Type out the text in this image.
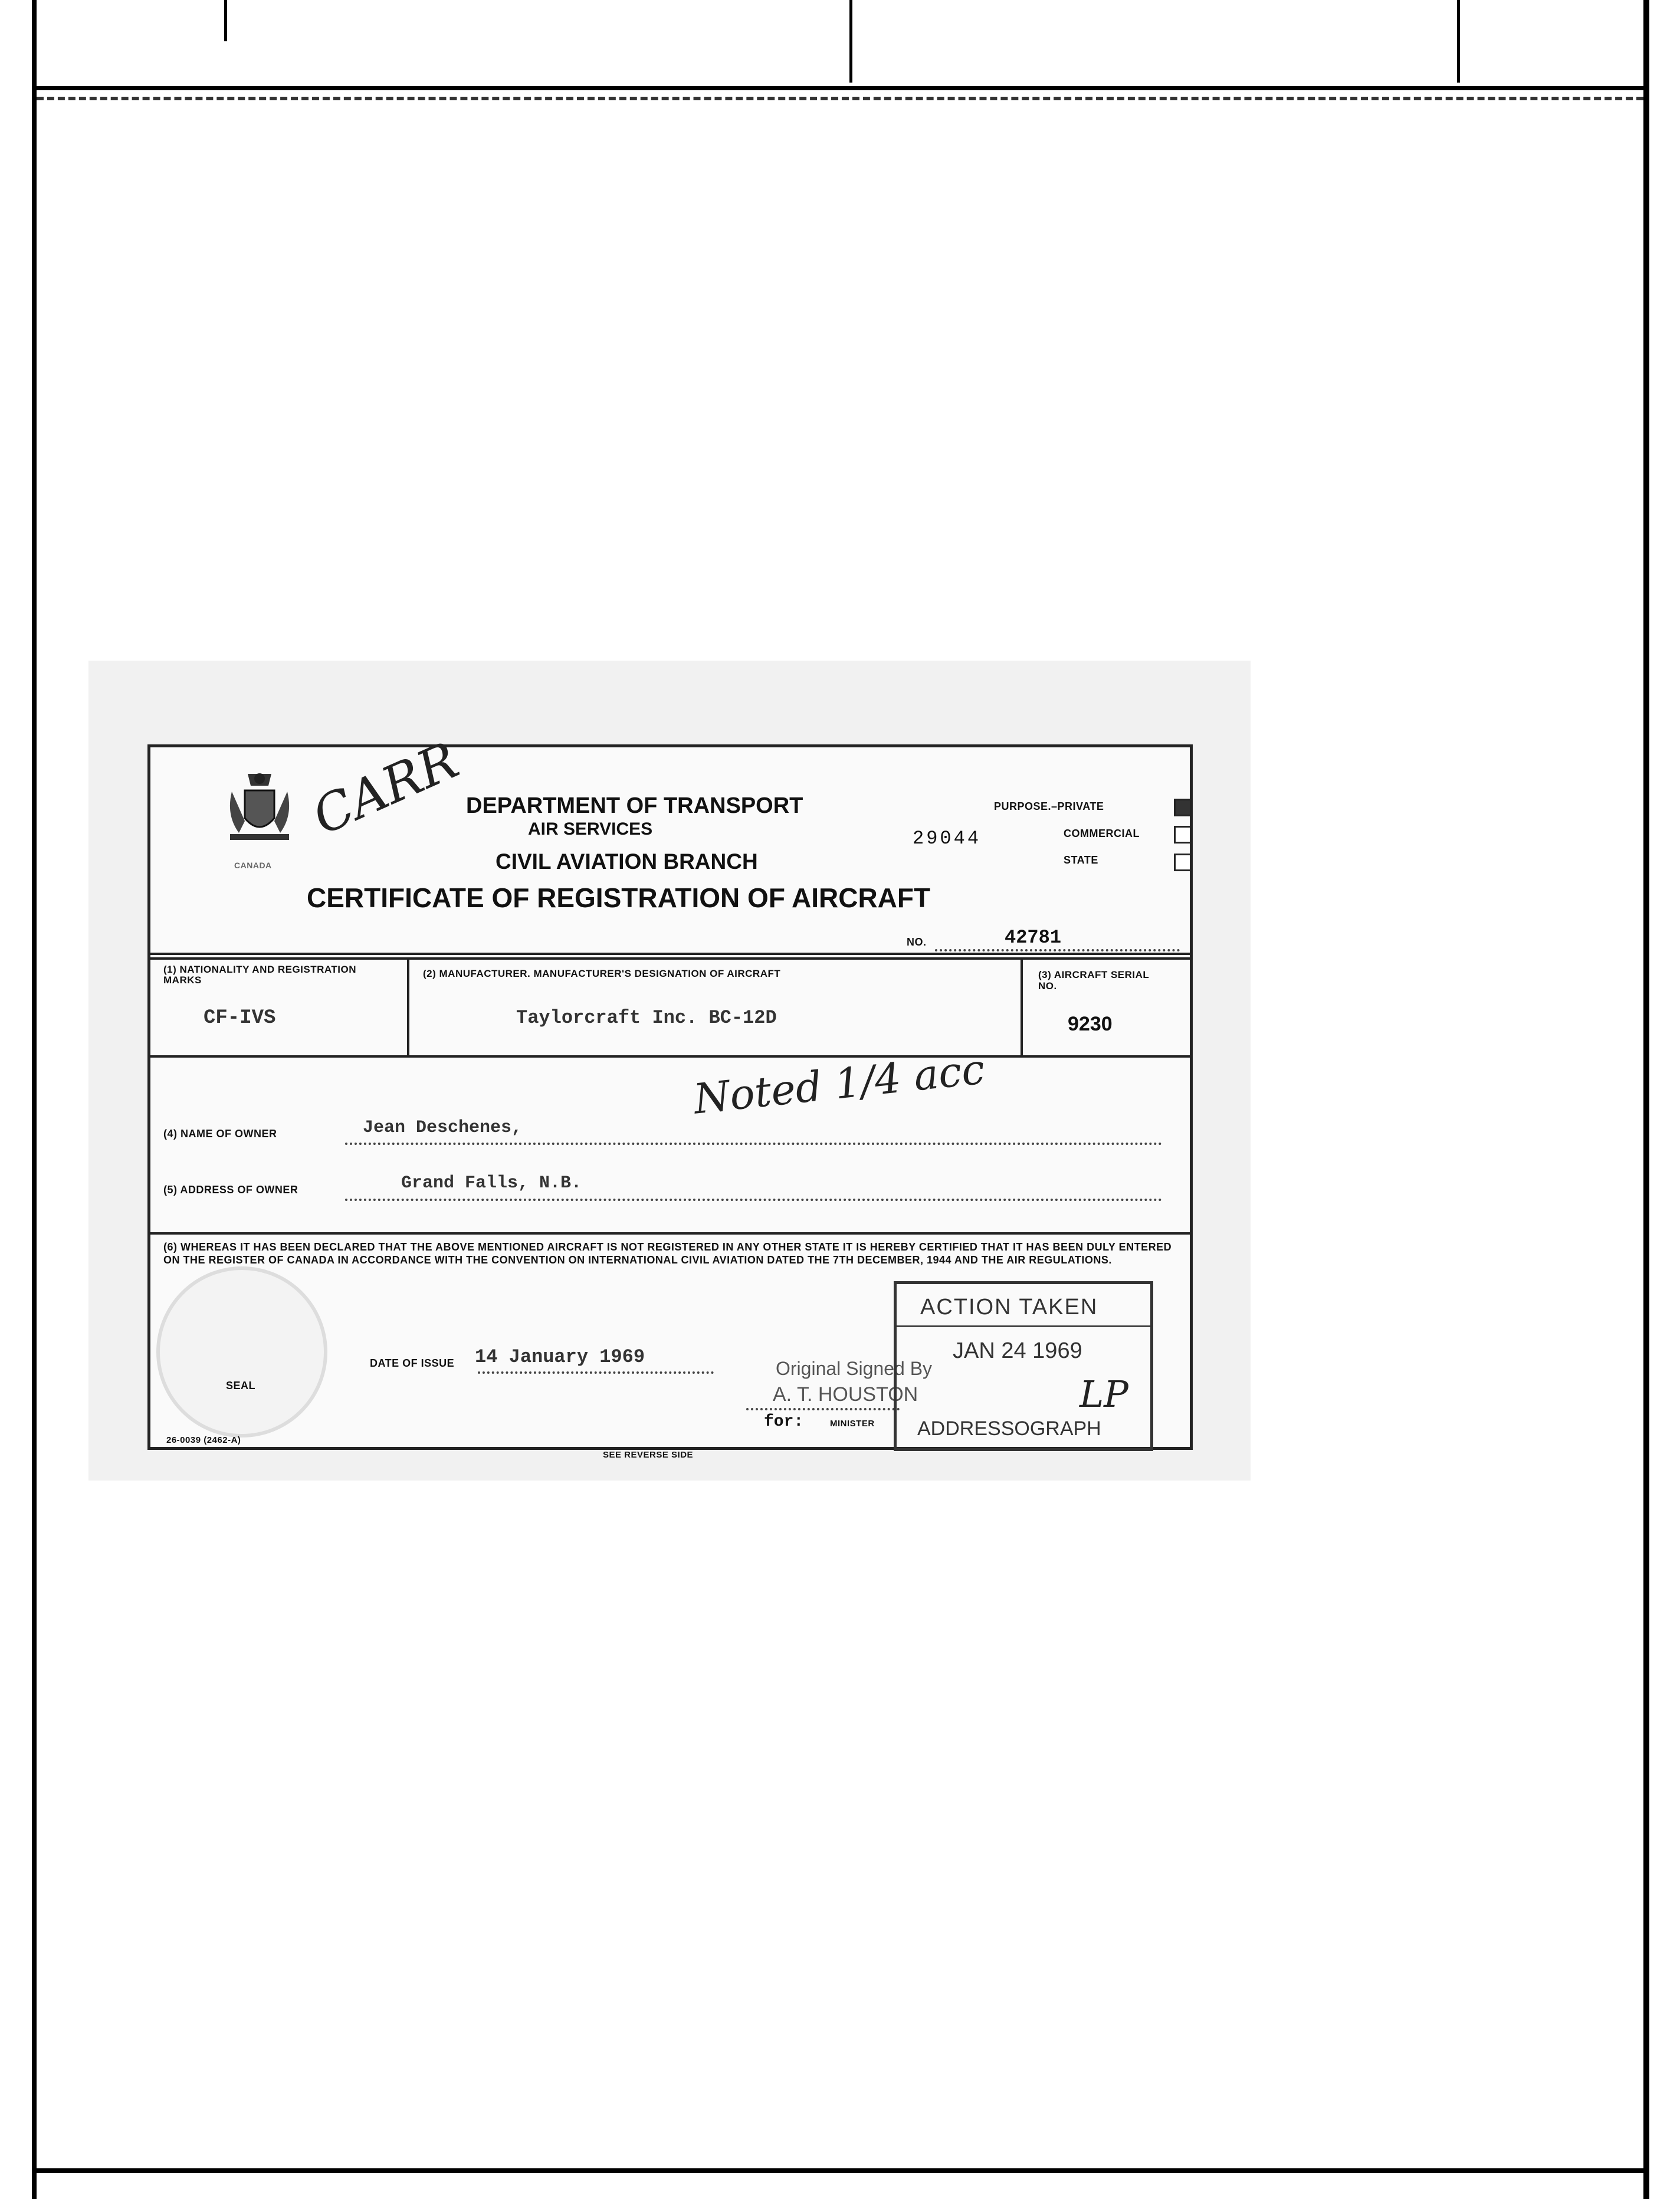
CANADA
CARR
DEPARTMENT OF TRANSPORT
AIR SERVICES
CIVIL AVIATION BRANCH
CERTIFICATE OF REGISTRATION OF AIRCRAFT
29044
PURPOSE.–PRIVATE
COMMERCIAL
STATE
NO.	42781
(1) NATIONALITY AND REGISTRATION MARKS
CF-IVS
(2) MANUFACTURER. MANUFACTURER'S DESIGNATION OF AIRCRAFT
Taylorcraft Inc. BC-12D
(3) AIRCRAFT SERIAL NO.
9230
Noted 1/4 acc
(4) NAME OF OWNER	Jean Deschenes,
(5) ADDRESS OF OWNER	Grand Falls, N.B.
(6) WHEREAS IT HAS BEEN DECLARED THAT THE ABOVE MENTIONED AIRCRAFT IS NOT REGISTERED IN ANY OTHER STATE IT IS HEREBY CERTIFIED THAT IT HAS BEEN DULY ENTERED ON THE REGISTER OF CANADA IN ACCORDANCE WITH THE CONVENTION ON INTERNATIONAL CIVIL AVIATION DATED THE 7TH DECEMBER, 1944 AND THE AIR REGULATIONS.
SEAL
DATE OF ISSUE 14 January 1969
Original Signed By
A. T. HOUSTON
for:	MINISTER
ACTION TAKEN
JAN 24 1969
LP
ADDRESSOGRAPH
26-0039 (2462-A)
SEE REVERSE SIDE
